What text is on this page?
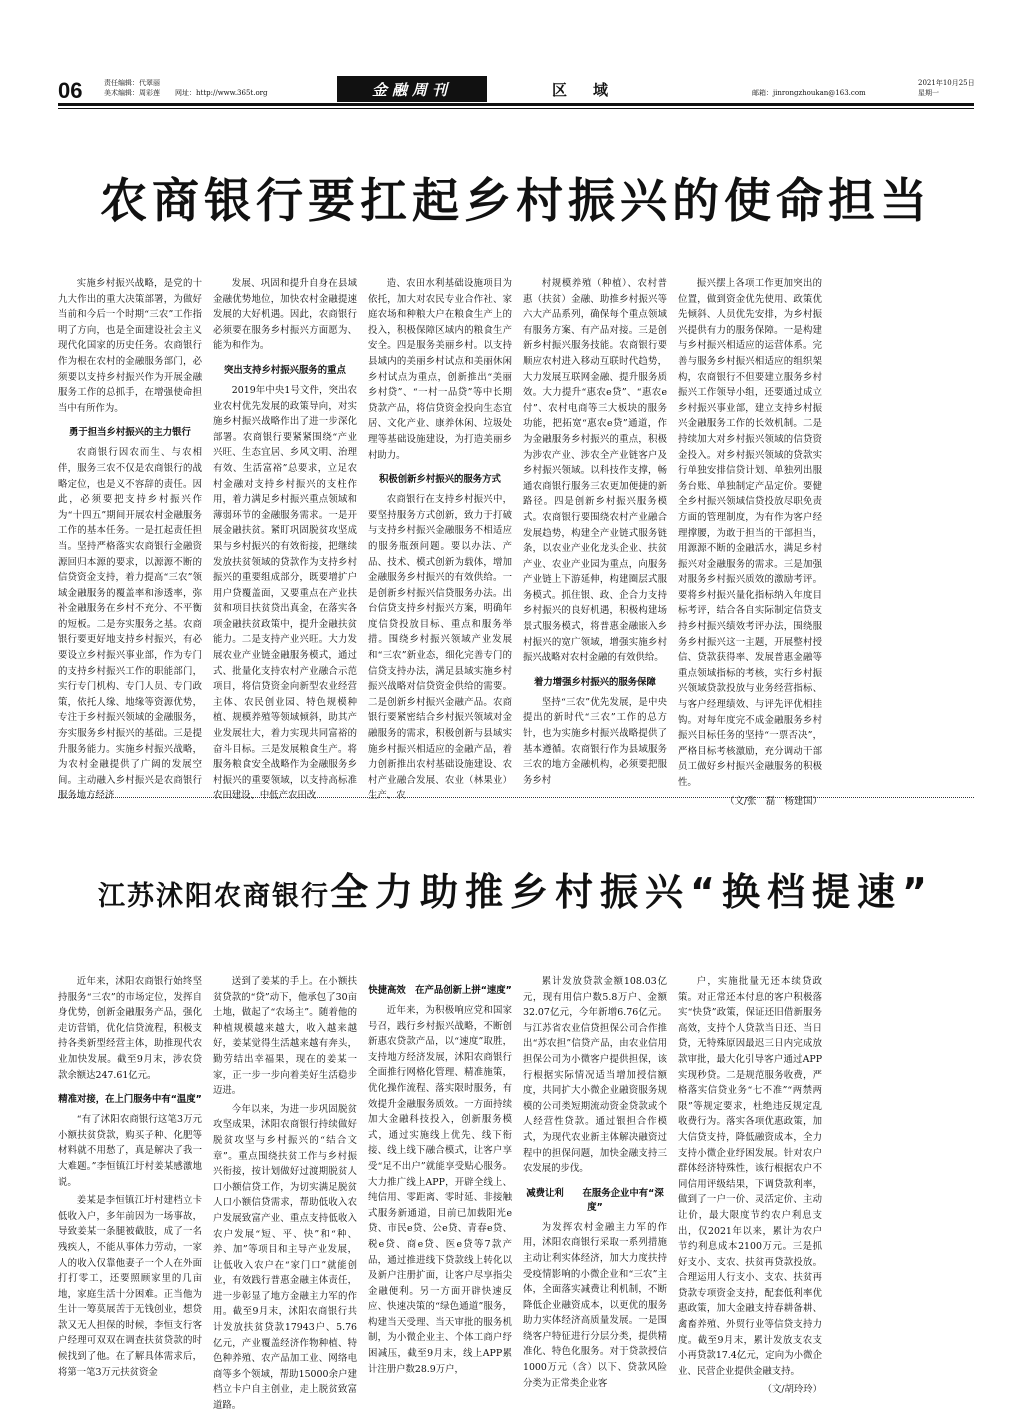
06	责任编辑：代翠丽
美术编辑：周彩莲 网址：http://www.365t.org	金融周刊	区域	邮箱：jinrongzhoukan@163.com
2021年10月25日
星期一
农商银行要扛起乡村振兴的使命担当

实施乡村振兴战略，是党的十九大作出的重大决策部署，为做好当前和今后一个时期“三农”工作指明了方向，也是全面建设社会主义现代化国家的历史任务。农商银行作为根在农村的金融服务部门，必须要以支持乡村振兴作为开展金融服务工作的总抓手，在增强使命担当中有所作为。

勇于担当乡村振兴的主力银行

农商银行因农而生、与农相伴，服务三农不仅是农商银行的战略定位，也是义不容辞的责任。因此，必须要把支持乡村振兴作为“十四五”期间开展农村金融服务工作的基本任务。一是扛起责任担当。坚持严格落实农商银行金融资源回归本源的要求，以源源不断的信贷资金支持，着力提高“三农”领域金融服务的覆盖率和渗透率，弥补金融服务在乡村不充分、不平衡的短板。二是夯实服务之基。农商银行要更好地支持乡村振兴，有必要设立乡村振兴事业部，作为专门的支持乡村振兴工作的职能部门，实行专门机构、专门人员、专门政策，依托人缘、地缘等资源优势，专注于乡村振兴领域的金融服务，夯实服务乡村振兴的基础。三是提升服务能力。实施乡村振兴战略，为农村金融提供了广阔的发展空间。主动融入乡村振兴是农商银行服务地方经济

发展、巩固和提升自身在县域金融优势地位，加快农村金融提速发展的大好机遇。因此，农商银行必须要在服务乡村振兴方面愿为、能为和作为。

突出支持乡村振兴服务的重点

2019年中央1号文件，突出农业农村优先发展的政策导向，对实施乡村振兴战略作出了进一步深化部署。农商银行要紧紧围绕“产业兴旺、生态宜居、乡风文明、治理有效、生活富裕”总要求，立足农村金融对支持乡村振兴的支柱作用，着力满足乡村振兴重点领域和薄弱环节的金融服务需求。一是开展金融扶贫。紧盯巩固脱贫攻坚成果与乡村振兴的有效衔接，把继续发放扶贫领域的贷款作为支持乡村振兴的重要组成部分，既要增扩户用户贷覆盖面，又要重点在产业扶贫和项目扶贫贷出真金，在落实各项金融扶贫政策中，提升金融扶贫能力。二是支持产业兴旺。大力发展农业产业链金融服务模式，通过式、批量化支持农村产业融合示范项目，将信贷资金向新型农业经营主体、农民创业园、特色规模种植、规模养殖等领域倾斜，助其产业发展壮大，着力实现共同富裕的奋斗目标。三是发展粮食生产。将服务粮食安全战略作为金融服务乡村振兴的重要领域，以支持高标准农田建设、中低产农田改

造、农田水利基础设施项目为依托，加大对农民专业合作社、家庭农场和种粮大户在粮食生产上的投入，积极保障区域内的粮食生产安全。四是服务美丽乡村。以支持县域内的美丽乡村试点和美丽休闲乡村试点为重点，创新推出“美丽乡村贷”、“一村一品贷”等中长期贷款产品，将信贷资金投向生态宜居、文化产业、康养休闲、垃圾处理等基础设施建设，为打造美丽乡村助力。

积极创新乡村振兴的服务方式

农商银行在支持乡村振兴中，要坚持服务方式创新，致力于打破与支持乡村振兴金融服务不相适应的服务瓶颈问题。要以办法、产品、技术、模式创新为载体，增加金融服务乡村振兴的有效供给。一是创新乡村振兴信贷服务办法。出台信贷支持乡村振兴方案，明确年度信贷投放目标、重点和服务举措。围绕乡村振兴领域产业发展和“三农”新业态，细化完善专门的信贷支持办法，满足县域实施乡村振兴战略对信贷资金供给的需要。二是创新乡村振兴金融产品。农商银行要紧密结合乡村振兴领域对金融服务的需求，积极创新与县域实施乡村振兴相适应的金融产品，着力创新推出农村基础设施建设、农村产业融合发展、农业（林果业）生产、农

村规模养殖（种植）、农村普惠（扶贫）金融、助推乡村振兴等六大产品系列，确保每个重点领域有服务方案、有产品对接。三是创新乡村振兴服务技能。农商银行要顺应农村进入移动互联时代趋势，大力发展互联网金融、提升服务质效。大力提升“惠农e贷”、“惠农e付”、农村电商等三大板块的服务功能，把拓宽“惠农e贷”通道，作为金融服务乡村振兴的重点，积极为涉农产业、涉农全产业链客户及乡村振兴领域。以科技作支撑，畅通农商银行服务三农更加便捷的新路径。四是创新乡村振兴服务模式。农商银行要围绕农村产业融合发展趋势，构建全产业链式服务链条，以农业产业化龙头企业、扶贫产业、农业产业园为重点，向服务产业链上下游延伸，构建圈层式服务模式。抓住银、政、企合力支持乡村振兴的良好机遇，积极构建场景式服务模式，将普惠金融嵌入乡村振兴的宽广领域，增强实施乡村振兴战略对农村金融的有效供给。

着力增强乡村振兴的服务保障

坚持“三农”优先发展，是中央提出的新时代“三农”工作的总方针，也为实施乡村振兴战略提供了基本遵循。农商银行作为县域服务三农的地方金融机构，必须要把服务乡村

振兴摆上各项工作更加突出的位置，做到资金优先使用、政策优先倾斜、人员优先安排，为乡村振兴提供有力的服务保障。一是构建与乡村振兴相适应的运营体系。完善与服务乡村振兴相适应的组织架构，农商银行不但要建立服务乡村振兴工作领导小组，还要通过成立乡村振兴事业部，建立支持乡村振兴金融服务工作的长效机制。二是持续加大对乡村振兴领域的信贷资金投入。对乡村振兴领域的贷款实行单独安排信贷计划、单独列出服务台账、单独制定产品定价。要健全乡村振兴领域信贷投放尽职免责方面的管理制度，为有作为客户经理撑腰，为敢于担当的干部担当，用源源不断的金融活水，满足乡村振兴对金融服务的需求。三是加强对服务乡村振兴质效的激励考评。要将乡村振兴量化指标纳入年度目标考评，结合各自实际制定信贷支持乡村振兴绩效考评办法，围绕服务乡村振兴这一主题，开展整村授信、贷款获得率、发展普惠金融等重点领域指标的考核，实行乡村振兴领域贷款投放与业务经营指标、与客户经理绩效、与评先评优相挂钩。对每年度完不成金融服务乡村振兴目标任务的坚持“一票否决”，严格目标考核激励，充分调动干部员工做好乡村振兴金融服务的积极性。

（文/张　磊　杨建国）

江苏沭阳农商银行全力助推乡村振兴“换档提速”

近年来，沭阳农商银行始终坚持服务“三农”的市场定位，发挥自身优势，创新金融服务产品，强化走访营销，优化信贷流程，积极支持各类新型经营主体，助推现代农业加快发展。截至9月末，涉农贷款余额达247.61亿元。

精准对接，在上门服务中有“温度”

“有了沭阳农商银行这笔3万元小额扶贫贷款，购买子种、化肥等材料就不用愁了，真是解决了我一大难题。”李恒镇江圩村姜某感激地说。

姜某是李恒镇江圩村建档立卡低收入户，多年前因为一场事故，导致姜某一条腿被截肢，成了一名残疾人，不能从事体力劳动，一家人的收入仅靠他妻子一个人在外面打打零工，还要照顾家里的几亩地，家庭生活十分困难。正当他为生计一筹莫展苦于无钱创业，想贷款又无人担保的时候，李恒支行客户经理可双双在调查扶贫贷款的时候找到了他。在了解具体需求后，将第一笔3万元扶贫资金

送到了姜某的手上。在小额扶贫贷款的“贷”动下，他承包了30亩土地，做起了“农场主”。随着他的种植规模越来越大，收入越来越好，姜某觉得生活越来越有奔头，勤劳结出幸福果，现在的姜某一家，正一步一步向着美好生活稳步迈进。

今年以来，为进一步巩固脱贫攻坚成果，沭阳农商银行持续做好脱贫攻坚与乡村振兴的“结合文章”。重点围绕扶贫工作与乡村振兴衔接，按计划做好过渡期脱贫人口小额信贷工作，为切实满足脱贫人口小额信贷需求，帮助低收入农户发展致富产业、重点支持低收入农户发展“短、平、快”和“种、养、加”等项目和主导产业发展，让低收入农户在“家门口”就能创业，有效践行普惠金融主体责任，进一步彰显了地方金融主力军的作用。截至9月末，沭阳农商银行共计发放扶贫贷款17943户、5.76亿元，产业覆盖经济作物种植、特色种养殖、农产品加工业、网络电商等多个领域，帮助15000余户建档立卡户自主创业，走上脱贫致富道路。

快捷高效　在产品创新上拼“速度”

近年来，为积极响应党和国家号召，践行乡村振兴战略，不断创新惠农贷款产品，以“速度”取胜，支持地方经济发展，沭阳农商银行全面推行网格化管理、精准施策，优化操作流程、落实限时服务，有效提升金融服务质效。一方面持续加大金融科技投入，创新服务模式，通过实施线上优先、线下衔接、线上线下融合模式，让客户享受“足不出户”就能享受贴心服务。大力推广线上APP，开辟全线上、纯信用、零距离、零时延、非接触式服务新通道，目前已加载阳光e贷、市民e贷、公e贷、青春e贷、税e贷、商e贷、医e贷等7款产品，通过推进线下贷款线上转化以及新户注册扩面，让客户尽享指尖金融便利。另一方面开辟快速反应、快速决策的“绿色通道”服务，构建当天受理、当天审批的服务机制，为小微企业主、个体工商户纾困减压，截至9月末，线上APP累计注册户数28.9万户，

累计发放贷款金额108.03亿元，现有用信户数5.8万户、金额32.07亿元，今年新增6.76亿元。与江苏省农业信贷担保公司合作推出“苏农担”信贷产品，由农业信用担保公司为小微客户提供担保，该行根据实际情况适当增加授信额度，共同扩大小微企业融资服务规模的公司类短期流动资金贷款或个人经营性贷款。通过银担合作模式，为现代农业新主体解决融资过程中的担保问题，加快金融支持三农发展的步伐。

减费让利　　在服务企业中有“深度”

为发挥农村金融主力军的作用，沭阳农商银行采取一系列措施主动让利实体经济，加大力度扶持受疫情影响的小微企业和“三农”主体，全面落实减费让利机制，不断降低企业融资成本，以更优的服务助力实体经济高质量发展。一是围绕客户特征进行分层分类，提供精准化、特色化服务。对于贷款授信1000万元（含）以下、贷款风险分类为正常类企业客

户，实施批量无还本续贷政策。对正常还本付息的客户积极落实“快贷”政策，保证还旧借新服务高效，支持个人贷款当日还、当日贷，无特殊原因最迟三日内完成放款审批，最大化引导客户通过APP实现秒贷。二是规范服务收费，严格落实信贷业务“七不准”“两禁两限”等规定要求，杜绝违反规定乱收费行为。落实各项优惠政策，加大信贷支持，降低融资成本，全力支持小微企业纾困发展。针对农户群体经济特殊性，该行根据农户不同信用评级结果，下调贷款利率，做到了一户一价、灵活定价、主动让价，最大限度节约农户利息支出，仅2021年以来，累计为农户节约利息成本2100万元。三是抓好支小、支农、扶贫再贷款投放。合理运用人行支小、支农、扶贫再贷款专项资金支持，配套低利率优惠政策，加大金融支持春耕备耕、禽畜养殖、外贸行业等信贷支持力度。截至9月末，累计发放支农支小再贷款17.4亿元，定向为小微企业、民营企业提供金融支持。

（文/胡玲玲）
